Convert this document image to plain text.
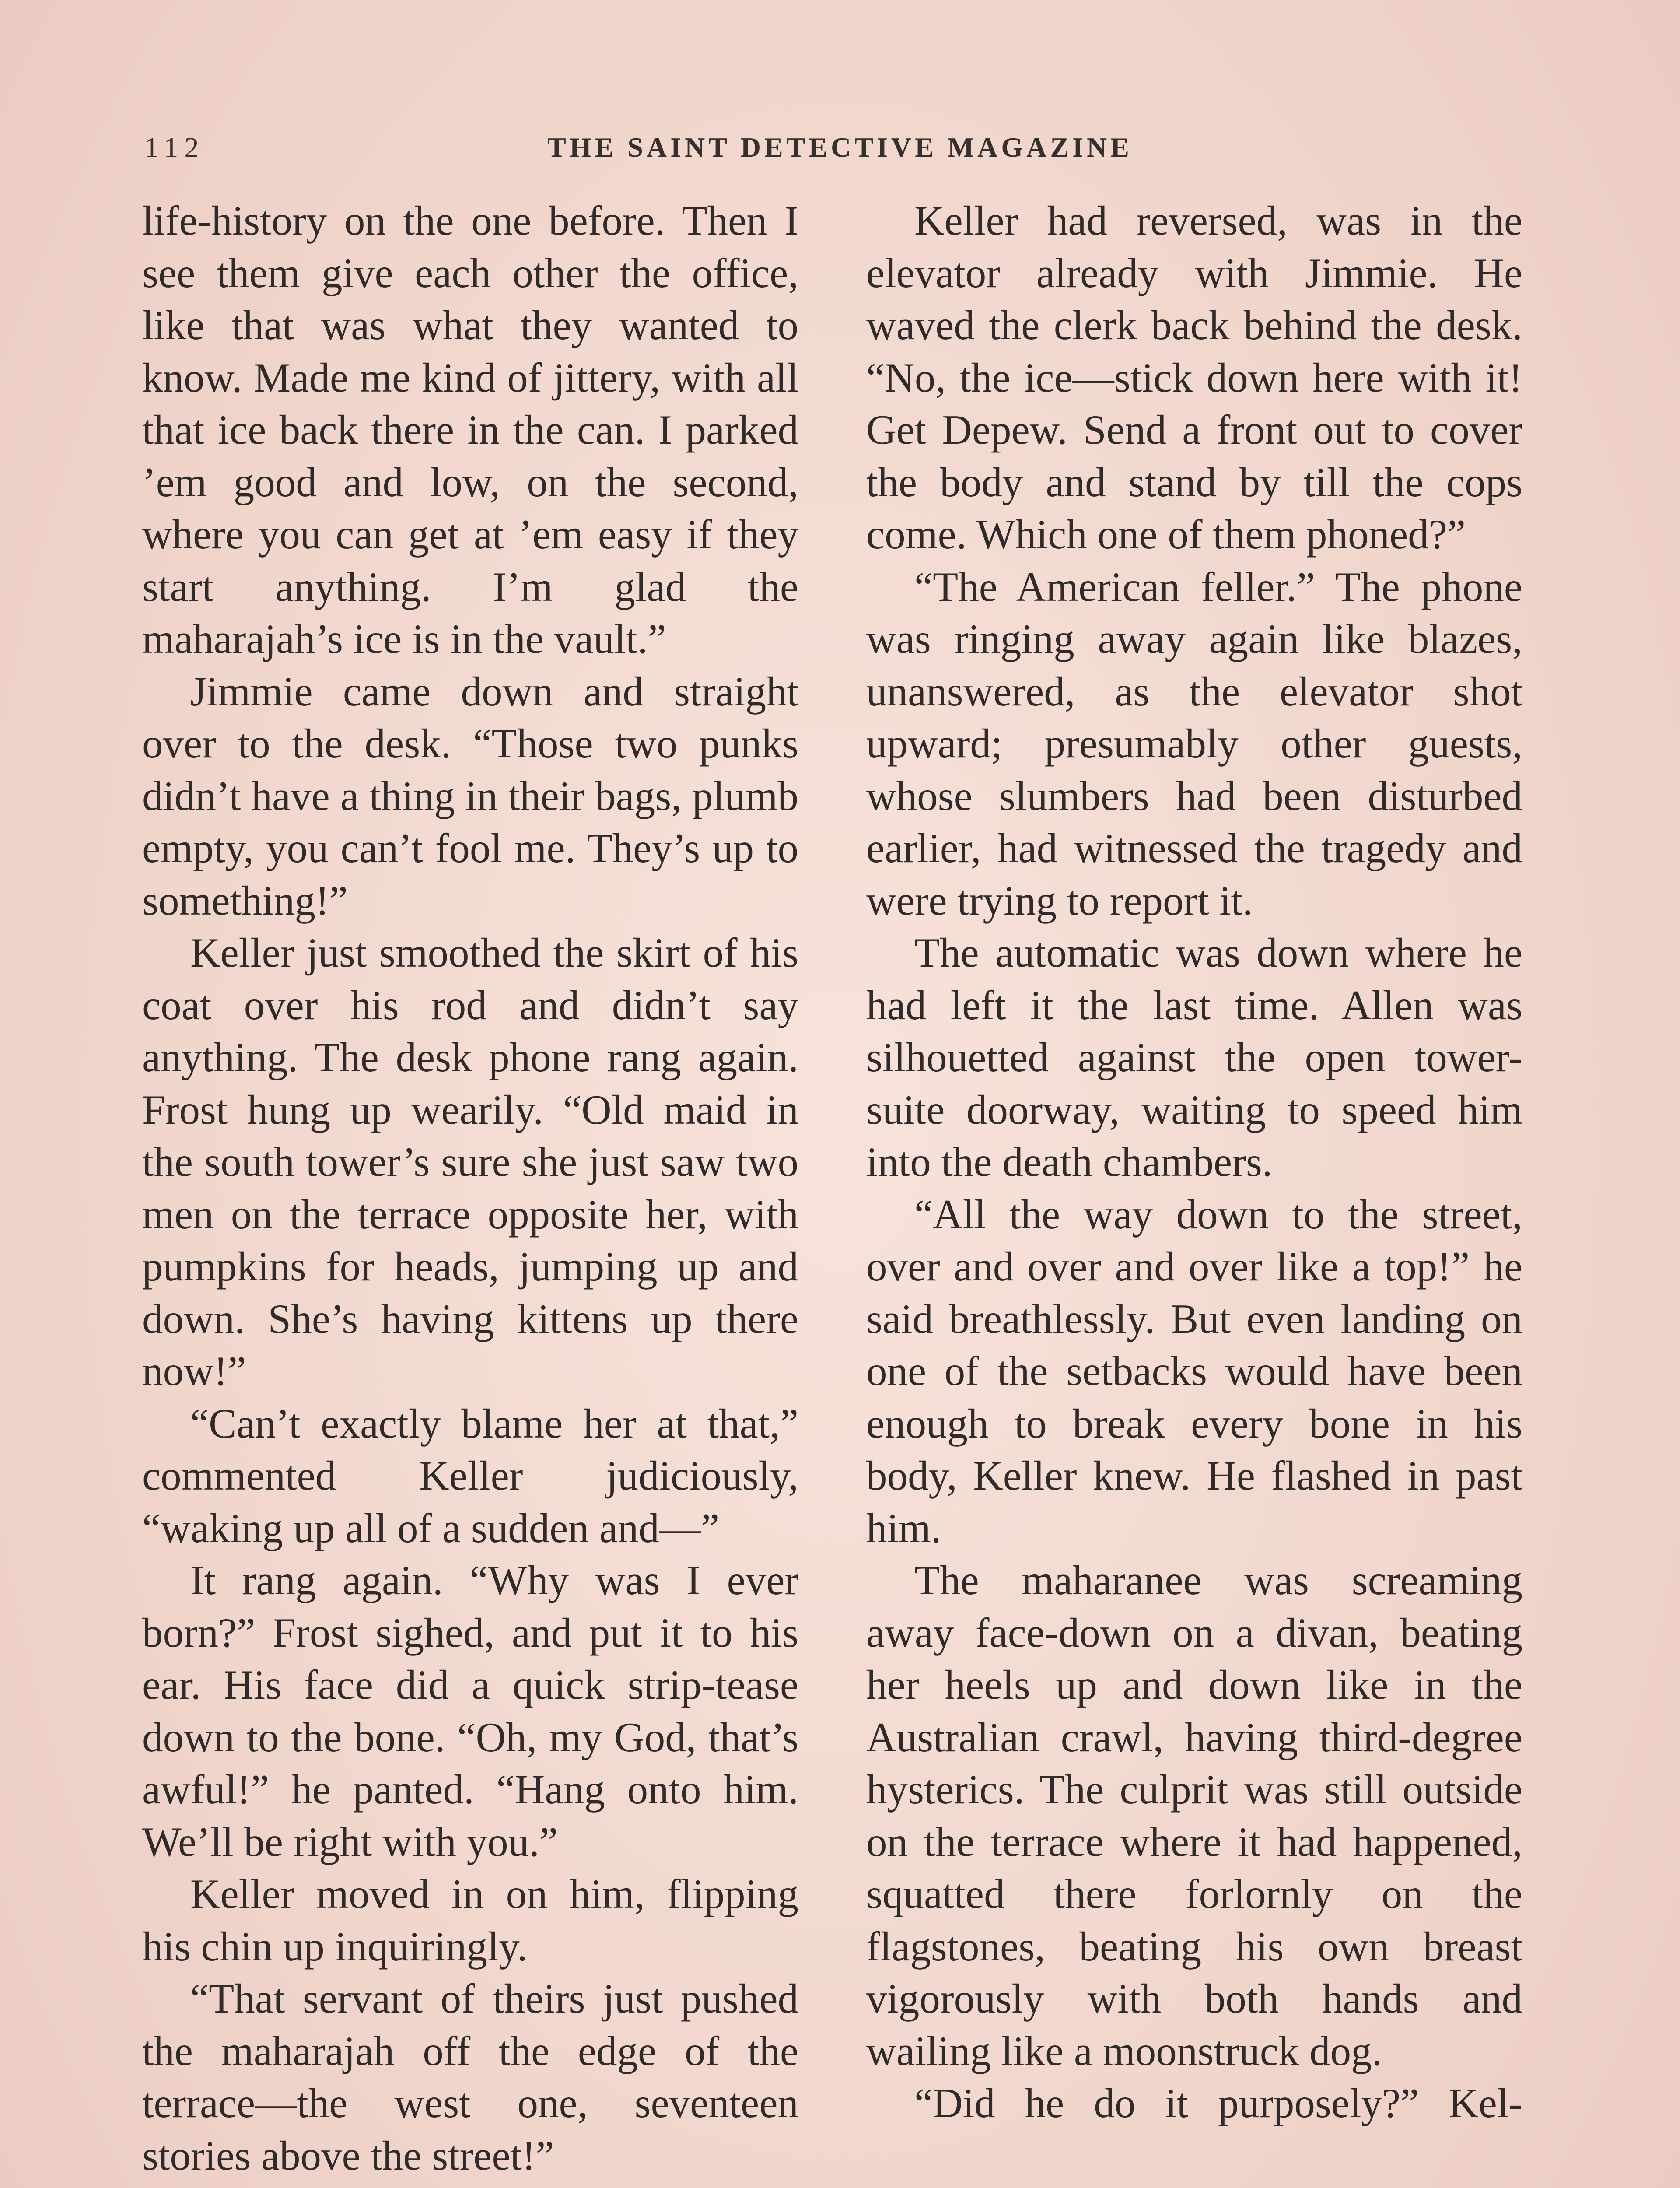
112	THE SAINT DETECTIVE MAGAZINE

life-history on the one before. Then I see them give each other the office, like that was what they wanted to know. Made me kind of jittery, with all that ice back there in the can. I parked ’em good and low, on the second, where you can get at ’em easy if they start anything. I’m glad the maharajah’s ice is in the vault.”

Jimmie came down and straight over to the desk. “Those two punks didn’t have a thing in their bags, plumb empty, you can’t fool me. They’s up to something!”

Keller just smoothed the skirt of his coat over his rod and didn’t say anything. The desk phone rang again. Frost hung up wearily. “Old maid in the south tower’s sure she just saw two men on the terrace opposite her, with pumpkins for heads, jumping up and down. She’s having kittens up there now!”

“Can’t exactly blame her at that,” commented Keller judiciously, “waking up all of a sudden and—”

It rang again. “Why was I ever born?” Frost sighed, and put it to his ear. His face did a quick strip-tease down to the bone. “Oh, my God, that’s awful!” he panted. “Hang onto him. We’ll be right with you.”

Keller moved in on him, flipping his chin up inquiringly.

“That servant of theirs just pushed the maharajah off the edge of the terrace—the west one, seventeen stories above the street!”

Keller had reversed, was in the elevator already with Jimmie. He waved the clerk back behind the desk. “No, the ice—stick down here with it! Get Depew. Send a front out to cover the body and stand by till the cops come. Which one of them phoned?”

“The American feller.” The phone was ringing away again like blazes, unanswered, as the elevator shot upward; presumably other guests, whose slumbers had been disturbed earlier, had witnessed the tragedy and were trying to report it.

The automatic was down where he had left it the last time. Allen was silhouetted against the open tower-suite doorway, waiting to speed him into the death chambers.

“All the way down to the street, over and over and over like a top!” he said breathlessly. But even landing on one of the setbacks would have been enough to break every bone in his body, Keller knew. He flashed in past him.

The maharanee was screaming away face-down on a divan, beating her heels up and down like in the Australian crawl, having third-degree hysterics. The culprit was still outside on the terrace where it had happened, squatted there forlornly on the flagstones, beating his own breast vigorously with both hands and wailing like a moonstruck dog.

“Did he do it purposely?” Kel-
